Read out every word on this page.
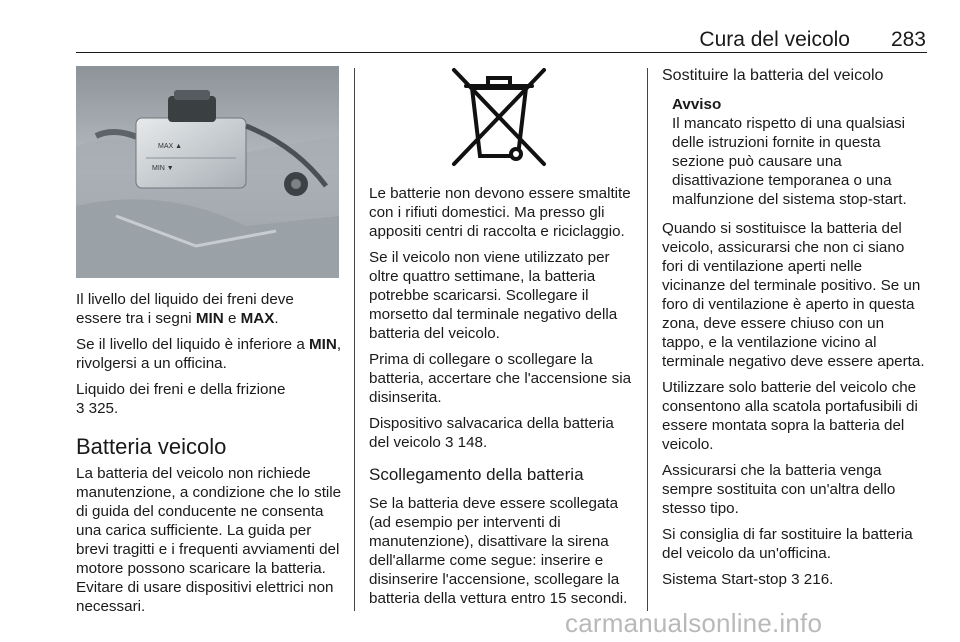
Cura del veicolo 283
MAX ▲
MIN ▼

Il livello del liquido dei freni deve essere tra i segni MIN e MAX.

Se il livello del liquido è inferiore a MIN, rivolgersi a un officina.

Liquido dei freni e della frizione
3 325.

Batteria veicolo

La batteria del veicolo non richiede manutenzione, a condizione che lo stile di guida del conducente ne consenta una carica sufficiente. La guida per brevi tragitti e i frequenti avviamenti del motore possono scaricare la batteria. Evitare di usare dispositivi elettrici non necessari.

Le batterie non devono essere smaltite con i rifiuti domestici. Ma presso gli appositi centri di raccolta e riciclaggio.

Se il veicolo non viene utilizzato per oltre quattro settimane, la batteria potrebbe scaricarsi. Scollegare il morsetto dal terminale negativo della batteria del veicolo.

Prima di collegare o scollegare la batteria, accertare che l'accensione sia disinserita.

Dispositivo salvacarica della batteria del veicolo 3 148.

Scollegamento della batteria

Se la batteria deve essere scollegata (ad esempio per interventi di manutenzione), disattivare la sirena dell'allarme come segue: inserire e disinserire l'accensione, scollegare la batteria della vettura entro 15 secondi.

Sostituire la batteria del veicolo
Avviso
Il mancato rispetto di una qualsiasi delle istruzioni fornite in questa sezione può causare una disattivazione temporanea o una malfunzione del sistema stop-start.

Quando si sostituisce la batteria del veicolo, assicurarsi che non ci siano fori di ventilazione aperti nelle vicinanze del terminale positivo. Se un foro di ventilazione è aperto in questa zona, deve essere chiuso con un tappo, e la ventilazione vicino al terminale negativo deve essere aperta.

Utilizzare solo batterie del veicolo che consentono alla scatola portafusibili di essere montata sopra la batteria del veicolo.

Assicurarsi che la batteria venga sempre sostituita con un'altra dello stesso tipo.

Si consiglia di far sostituire la batteria del veicolo da un'officina.

Sistema Start-stop 3 216.

carmanualsonline.info
